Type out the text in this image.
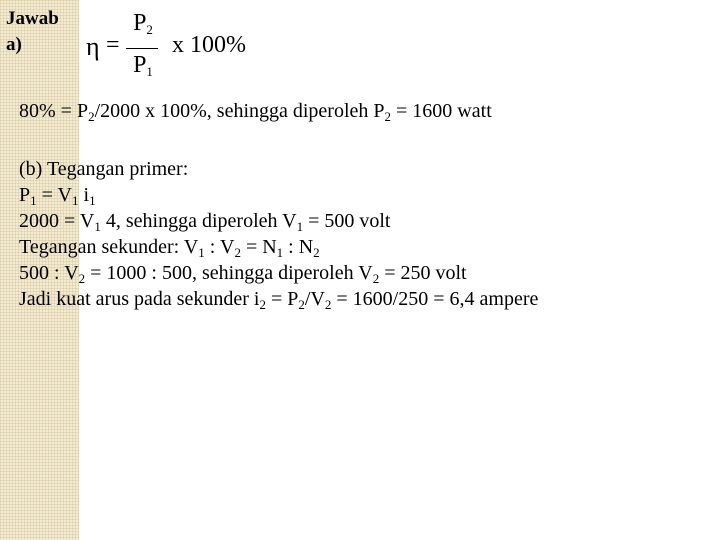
Jawab
a)	η =
$P_2$
$P_1$
x 100%
$80\% = P_2/2000$ x 100%, sehingga diperoleh $P_2 = 1600$ watt
(b) Tegangan primer:
$P_1 = V_1$ $i_1$
$2000 = V_1$ 4, sehingga diperoleh $V_1 = 500$ volt
Tegangan sekunder: $V_1$ : $V_2 = N_1$ : $N_2$
500 : $V_2 = 1000$ : 500, sehingga diperoleh $V_2 = 250$ volt
Jadi kuat arus pada sekunder $i_2 = P_2/V_2 = 1600/250 = 6,4$ ampere
